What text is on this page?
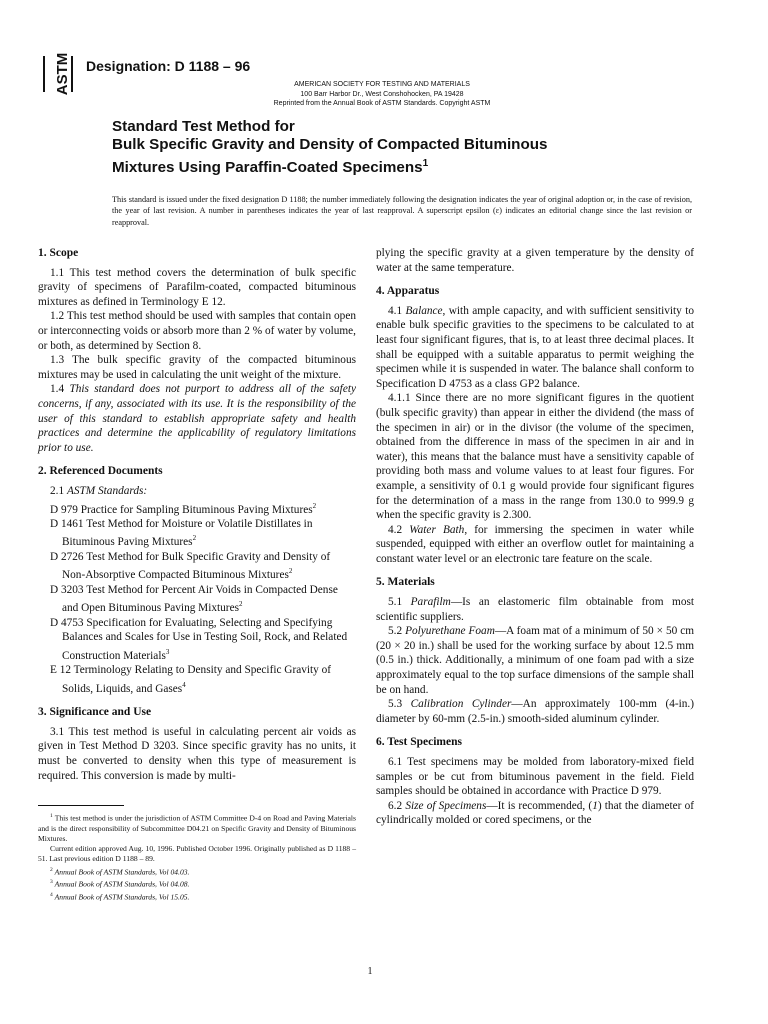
ASTM Designation: D 1188 – 96
AMERICAN SOCIETY FOR TESTING AND MATERIALS
100 Barr Harbor Dr., West Conshohocken, PA 19428
Reprinted from the Annual Book of ASTM Standards. Copyright ASTM
Standard Test Method for
Bulk Specific Gravity and Density of Compacted Bituminous
Mixtures Using Paraffin-Coated Specimens$^1$
This standard is issued under the fixed designation D 1188; the number immediately following the designation indicates the year of original adoption or, in the case of revision, the year of last revision. A number in parentheses indicates the year of last reapproval. A superscript epsilon (ε) indicates an editorial change since the last revision or reapproval.
1. Scope

1.1 This test method covers the determination of bulk specific gravity of specimens of Parafilm-coated, compacted bituminous mixtures as defined in Terminology E 12.

1.2 This test method should be used with samples that contain open or interconnecting voids or absorb more than 2 % of water by volume, or both, as determined by Section 8.

1.3 The bulk specific gravity of the compacted bituminous mixtures may be used in calculating the unit weight of the mixture.

1.4 This standard does not purport to address all of the safety concerns, if any, associated with its use. It is the responsibility of the user of this standard to establish appropriate safety and health practices and determine the applicability of regulatory limitations prior to use.

2. Referenced Documents

2.1 ASTM Standards:

D 979 Practice for Sampling Bituminous Paving Mixtures$^2$

D 1461 Test Method for Moisture or Volatile Distillates in Bituminous Paving Mixtures$^2$

D 2726 Test Method for Bulk Specific Gravity and Density of Non-Absorptive Compacted Bituminous Mixtures$^2$

D 3203 Test Method for Percent Air Voids in Compacted Dense and Open Bituminous Paving Mixtures$^2$

D 4753 Specification for Evaluating, Selecting and Specifying Balances and Scales for Use in Testing Soil, Rock, and Related Construction Materials$^3$

E 12 Terminology Relating to Density and Specific Gravity of Solids, Liquids, and Gases$^4$

3. Significance and Use

3.1 This test method is useful in calculating percent air voids as given in Test Method D 3203. Since specific gravity has no units, it must be converted to density when this type of measurement is required. This conversion is made by multi-

$^1$ This test method is under the jurisdiction of ASTM Committee D-4 on Road and Paving Materials and is the direct responsibility of Subcommittee D04.21 on Specific Gravity and Density of Bituminous Mixtures.

Current edition approved Aug. 10, 1996. Published October 1996. Originally published as D 1188 – 51. Last previous edition D 1188 – 89.

$^2$ Annual Book of ASTM Standards, Vol 04.03.

$^3$ Annual Book of ASTM Standards, Vol 04.08.

$^4$ Annual Book of ASTM Standards, Vol 15.05.

plying the specific gravity at a given temperature by the density of water at the same temperature.

4. Apparatus

4.1 Balance, with ample capacity, and with sufficient sensitivity to enable bulk specific gravities to the specimens to be calculated to at least four significant figures, that is, to at least three decimal places. It shall be equipped with a suitable apparatus to permit weighing the specimen while it is suspended in water. The balance shall conform to Specification D 4753 as a class GP2 balance.

4.1.1 Since there are no more significant figures in the quotient (bulk specific gravity) than appear in either the dividend (the mass of the specimen in air) or in the divisor (the volume of the specimen, obtained from the difference in mass of the specimen in air and in water), this means that the balance must have a sensitivity capable of providing both mass and volume values to at least four figures. For example, a sensitivity of 0.1 g would provide four significant figures for the determination of a mass in the range from 130.0 to 999.9 g when the specific gravity is 2.300.

4.2 Water Bath, for immersing the specimen in water while suspended, equipped with either an overflow outlet for maintaining a constant water level or an electronic tare feature on the scale.

5. Materials

5.1 Parafilm—Is an elastomeric film obtainable from most scientific suppliers.

5.2 Polyurethane Foam—A foam mat of a minimum of 50 × 50 cm (20 × 20 in.) shall be used for the working surface by about 12.5 mm (0.5 in.) thick. Additionally, a minimum of one foam pad with a size approximately equal to the top surface dimensions of the sample shall be on hand.

5.3 Calibration Cylinder—An approximately 100-mm (4-in.) diameter by 60-mm (2.5-in.) smooth-sided aluminum cylinder.

6. Test Specimens

6.1 Test specimens may be molded from laboratory-mixed field samples or be cut from bituminous pavement in the field. Field samples should be obtained in accordance with Practice D 979.

6.2 Size of Specimens—It is recommended, (1) that the diameter of cylindrically molded or cored specimens, or the

1
